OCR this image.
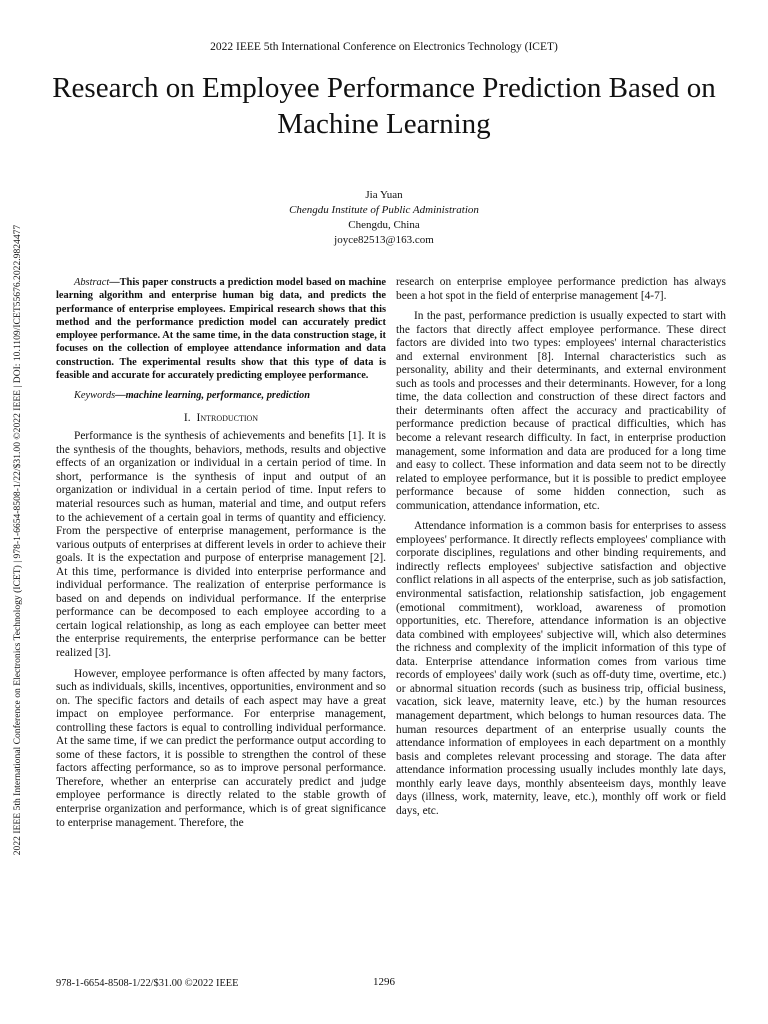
2022 IEEE 5th International Conference on Electronics Technology (ICET)
Research on Employee Performance Prediction Based on Machine Learning
Jia Yuan
Chengdu Institute of Public Administration
Chengdu, China
joyce82513@163.com
2022 IEEE 5th International Conference on Electronics Technology (ICET) | 978-1-6654-8508-1/22/$31.00 ©2022 IEEE | DOI: 10.1109/ICET55676.2022.9824477	Abstract—This paper constructs a prediction model based on machine learning algorithm and enterprise human big data, and predicts the performance of enterprise employees. Empirical research shows that this method and the performance prediction model can accurately predict employee performance. At the same time, in the data construction stage, it focuses on the collection of employee attendance information and data construction. The experimental results show that this type of data is feasible and accurate for accurately predicting employee performance.

Keywords—machine learning, performance, prediction

I. Introduction

Performance is the synthesis of achievements and benefits [1]. It is the synthesis of the thoughts, behaviors, methods, results and objective effects of an organization or individual in a certain period of time. In short, performance is the synthesis of input and output of an organization or individual in a certain period of time. Input refers to material resources such as human, material and time, and output refers to the achievement of a certain goal in terms of quantity and efficiency. From the perspective of enterprise management, performance is the various outputs of enterprises at different levels in order to achieve their goals. It is the expectation and purpose of enterprise management [2]. At this time, performance is divided into enterprise performance and individual performance. The realization of enterprise performance is based on and depends on individual performance. If the enterprise performance can be decomposed to each employee according to a certain logical relationship, as long as each employee can better meet the enterprise requirements, the enterprise performance can be better realized [3].

However, employee performance is often affected by many factors, such as individuals, skills, incentives, opportunities, environment and so on. The specific factors and details of each aspect may have a great impact on employee performance. For enterprise management, controlling these factors is equal to controlling individual performance. At the same time, if we can predict the performance output according to some of these factors, it is possible to strengthen the control of these factors affecting performance, so as to improve personal performance. Therefore, whether an enterprise can accurately predict and judge employee performance is directly related to the stable growth of enterprise organization and performance, which is of great significance to enterprise management. Therefore, the

research on enterprise employee performance prediction has always been a hot spot in the field of enterprise management [4-7].

In the past, performance prediction is usually expected to start with the factors that directly affect employee performance. These direct factors are divided into two types: employees' internal characteristics and external environment [8]. Internal characteristics such as personality, ability and their determinants, and external environment such as tools and processes and their determinants. However, for a long time, the data collection and construction of these direct factors and their determinants often affect the accuracy and practicability of performance prediction because of practical difficulties, which has become a relevant research difficulty. In fact, in enterprise production management, some information and data are produced for a long time and easy to collect. These information and data seem not to be directly related to employee performance, but it is possible to predict employee performance because of some hidden connection, such as communication, attendance information, etc.

Attendance information is a common basis for enterprises to assess employees' performance. It directly reflects employees' compliance with corporate disciplines, regulations and other binding requirements, and indirectly reflects employees' subjective satisfaction and objective conflict relations in all aspects of the enterprise, such as job satisfaction, environmental satisfaction, relationship satisfaction, job engagement (emotional commitment), workload, awareness of promotion opportunities, etc. Therefore, attendance information is an objective data combined with employees' subjective will, which also determines the richness and complexity of the implicit information of this type of data. Enterprise attendance information comes from various time records of employees' daily work (such as off-duty time, overtime, etc.) or abnormal situation records (such as business trip, official business, vacation, sick leave, maternity leave, etc.) by the human resources management department, which belongs to human resources data. The human resources department of an enterprise usually counts the attendance information of employees in each department on a monthly basis and completes relevant processing and storage. The data after attendance information processing usually includes monthly late days, monthly early leave days, monthly absenteeism days, monthly leave days (illness, work, maternity, leave, etc.), monthly off work or field days, etc.

978-1-6654-8508-1/22/$31.00 ©2022 IEEE	1296
